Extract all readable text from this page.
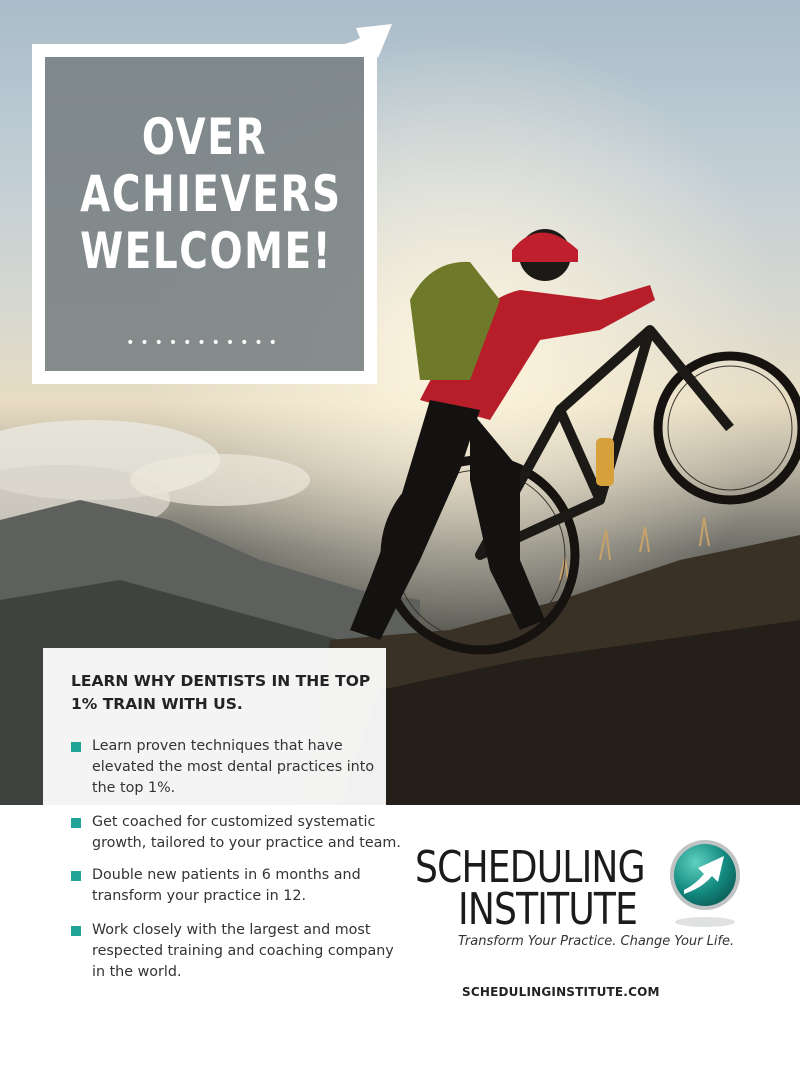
OVER
ACHIEVERS
WELCOME!
•••••••••••
LEARN WHY DENTISTS IN THE TOP 1% TRAIN WITH US.
Learn proven techniques that have elevated the most dental practices into the top 1%.
Get coached for customized systematic growth, tailored to your practice and team.
Double new patients in 6 months and transform your practice in 12.
Work closely with the largest and most respected training and coaching company in the world.
SCHEDULING
INSTITUTE

Transform Your Practice. Change Your Life.

SCHEDULINGINSTITUTE.COM
